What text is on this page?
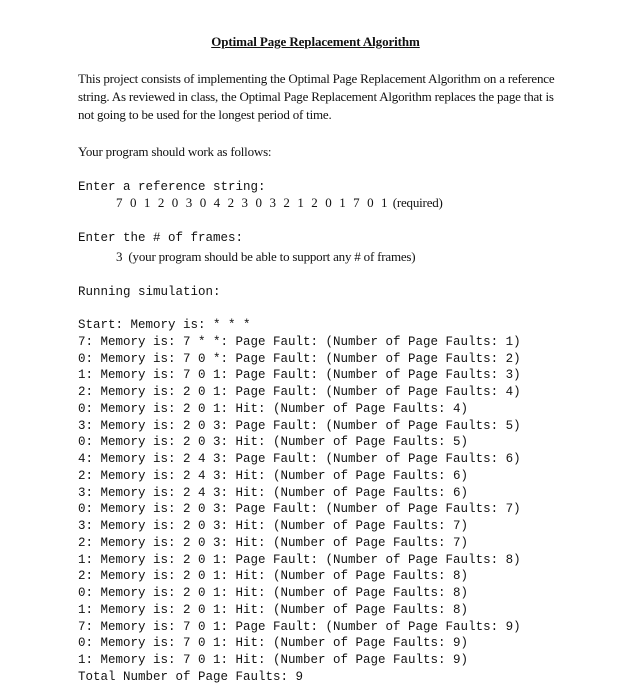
Optimal Page Replacement Algorithm
This project consists of implementing the Optimal Page Replacement Algorithm on a reference string. As reviewed in class, the Optimal Page Replacement Algorithm replaces the page that is not going to be used for the longest period of time.
Your program should work as follows:
Enter a reference string:
7 0 1 2 0 3 0 4 2 3 0 3 2 1 2 0 1 7 0 1 (required)
Enter the # of frames:
3 (your program should be able to support any # of frames)
Running simulation:
Start: Memory is: * * *
7: Memory is: 7 * *: Page Fault: (Number of Page Faults: 1)
0: Memory is: 7 0 *: Page Fault: (Number of Page Faults: 2)
1: Memory is: 7 0 1: Page Fault: (Number of Page Faults: 3)
2: Memory is: 2 0 1: Page Fault: (Number of Page Faults: 4)
0: Memory is: 2 0 1: Hit: (Number of Page Faults: 4)
3: Memory is: 2 0 3: Page Fault: (Number of Page Faults: 5)
0: Memory is: 2 0 3: Hit: (Number of Page Faults: 5)
4: Memory is: 2 4 3: Page Fault: (Number of Page Faults: 6)
2: Memory is: 2 4 3: Hit: (Number of Page Faults: 6)
3: Memory is: 2 4 3: Hit: (Number of Page Faults: 6)
0: Memory is: 2 0 3: Page Fault: (Number of Page Faults: 7)
3: Memory is: 2 0 3: Hit: (Number of Page Faults: 7)
2: Memory is: 2 0 3: Hit: (Number of Page Faults: 7)
1: Memory is: 2 0 1: Page Fault: (Number of Page Faults: 8)
2: Memory is: 2 0 1: Hit: (Number of Page Faults: 8)
0: Memory is: 2 0 1: Hit: (Number of Page Faults: 8)
1: Memory is: 2 0 1: Hit: (Number of Page Faults: 8)
7: Memory is: 7 0 1: Page Fault: (Number of Page Faults: 9)
0: Memory is: 7 0 1: Hit: (Number of Page Faults: 9)
1: Memory is: 7 0 1: Hit: (Number of Page Faults: 9)
Total Number of Page Faults: 9
